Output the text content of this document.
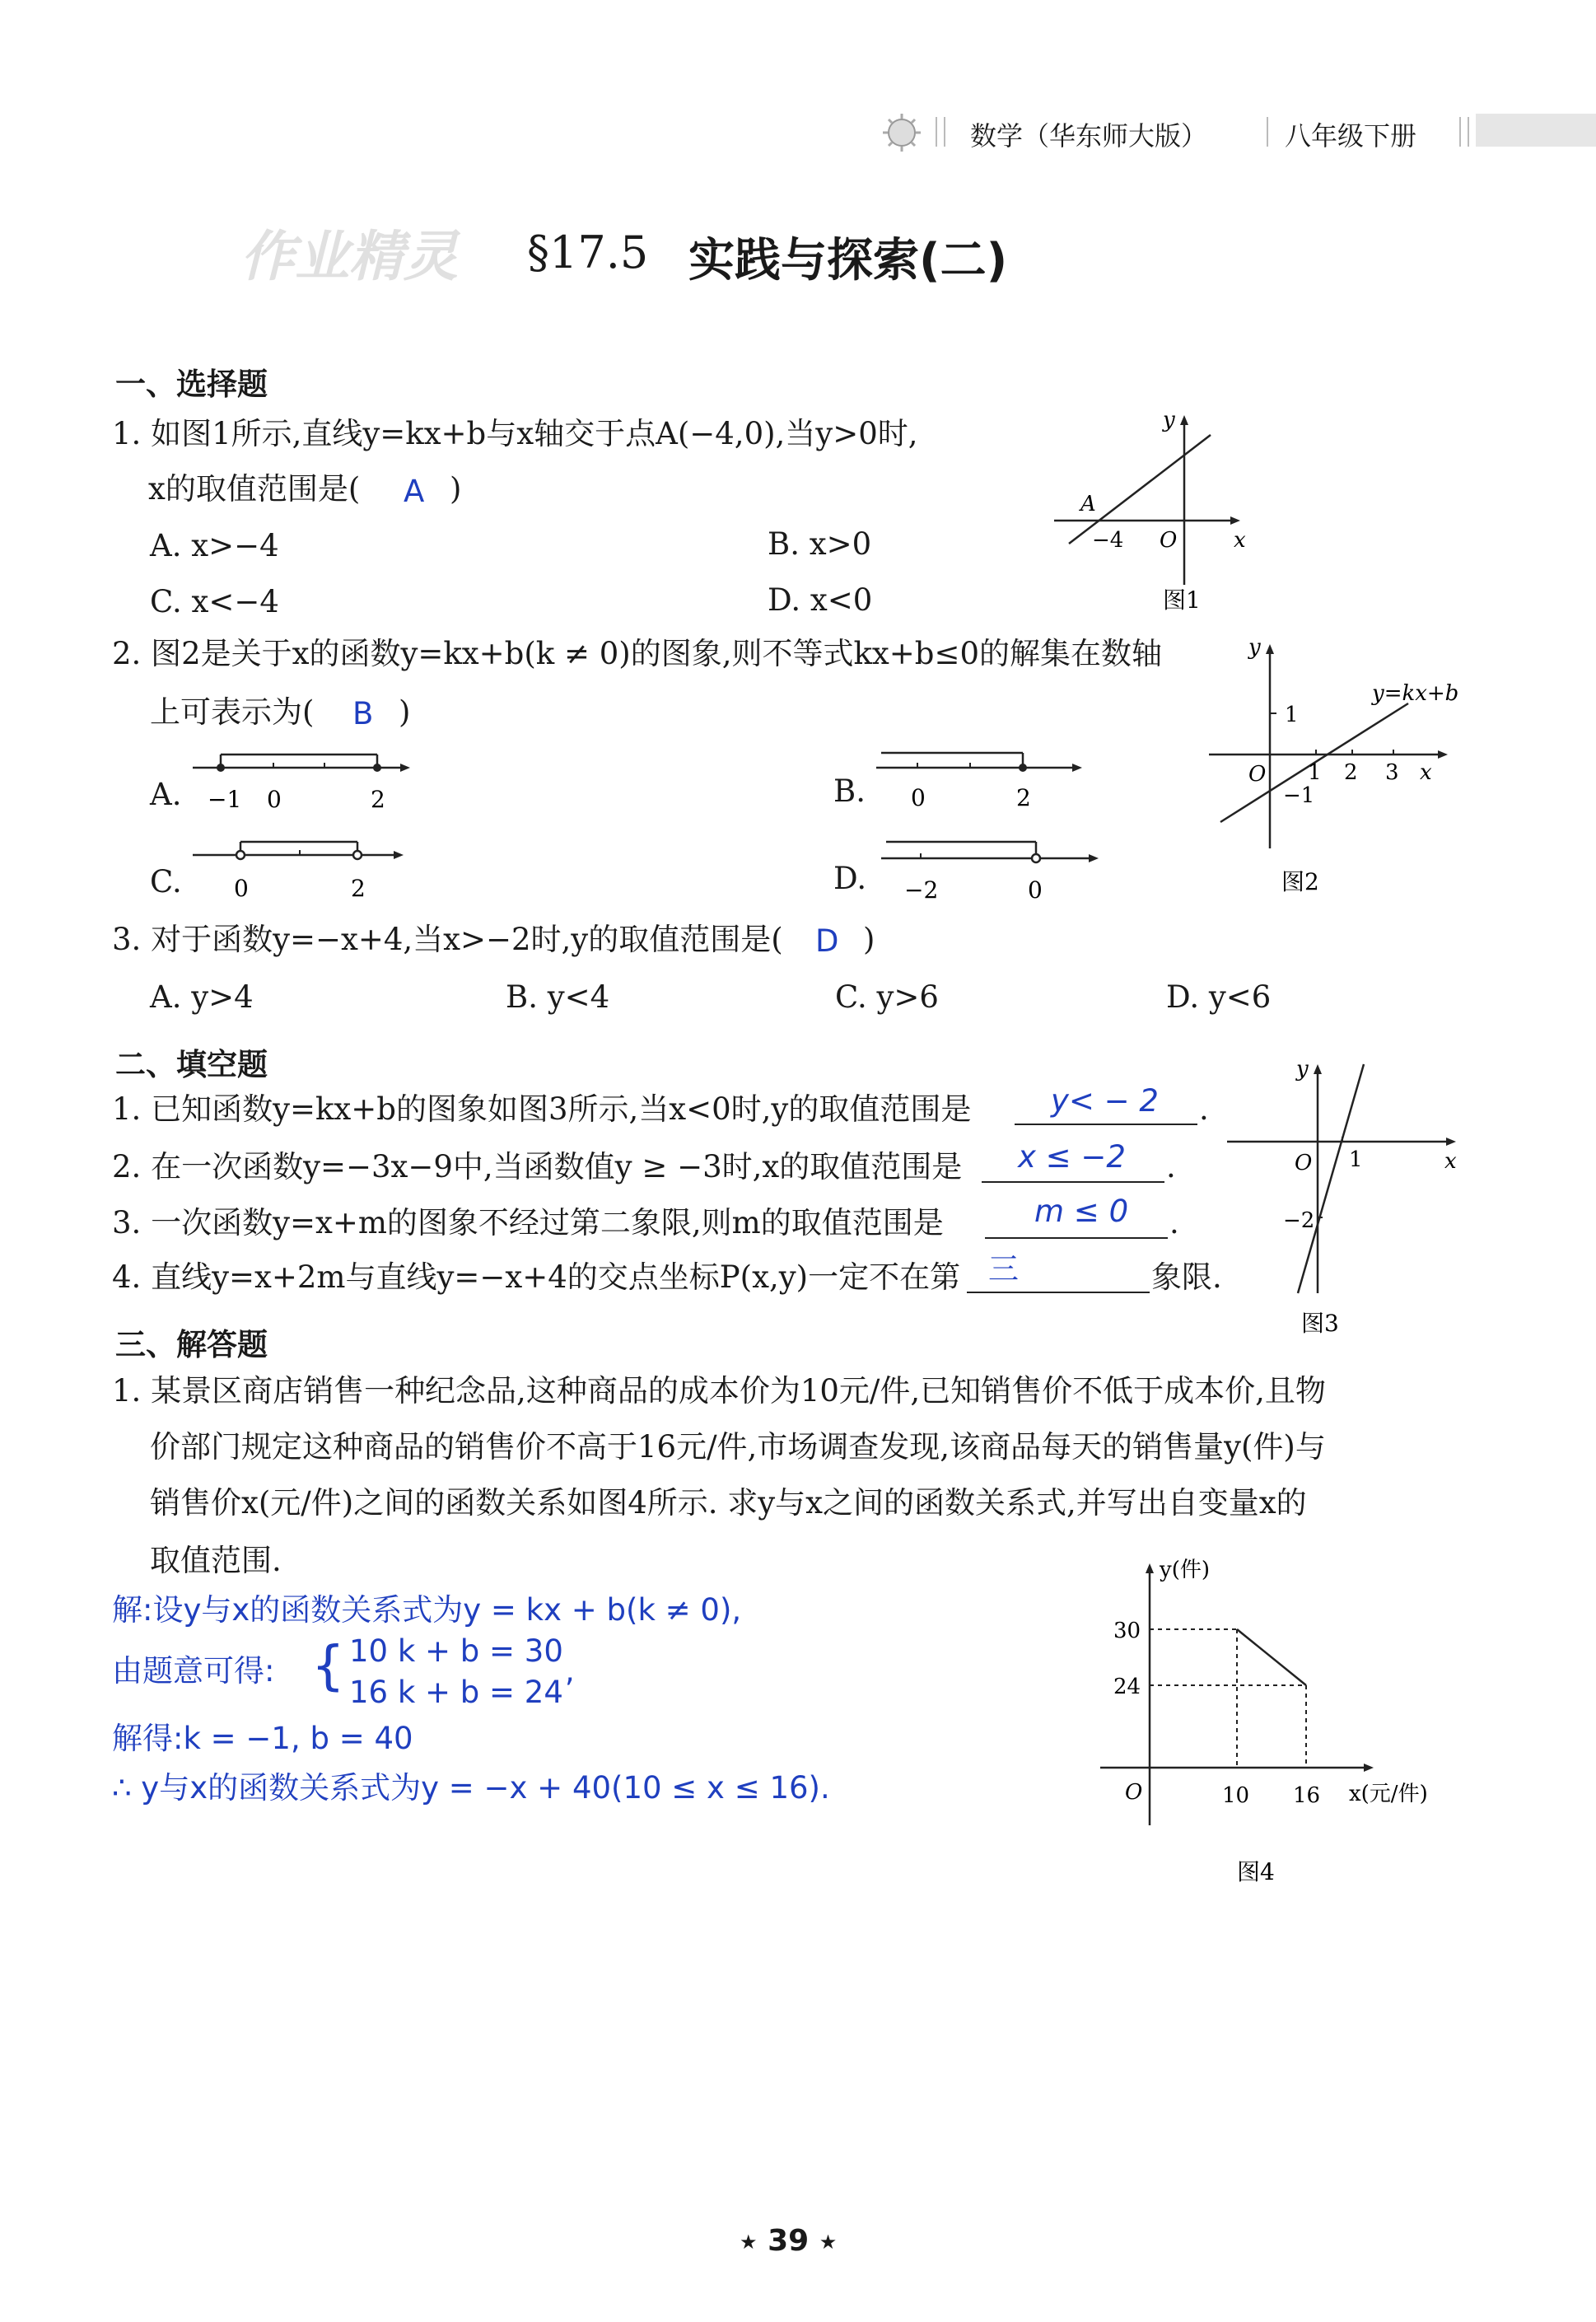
数学（华东师大版）	八年级下册
作业精灵 §17.5 实践与探索(二)
一、选择题
1. 如图1所示,直线y=kx+b与x轴交于点A(−4,0),当y>0时,
x的取值范围是( A )
A. x>−4	B. x>0
C. x<−4	D. x<0
y
x
A
−4 O
图1
2. 图2是关于x的函数y=kx+b(k ≠ 0)的图象,则不等式kx+b≤0的解集在数轴
上可表示为( B )
A.	B.
C.	D.
−1 0	2	0	2
0	2	−2	0
y
1
y=kx+b
O 1 2 3 x
−1
图2
3. 对于函数y=−x+4,当x>−2时,y的取值范围是( D )
A. y>4	B. y<4	C. y>6	D. y<6
二、填空题
1. 已知函数y=kx+b的图象如图3所示,当x<0时,y的取值范围是	y< − 2 .
2. 在一次函数y=−3x−9中,当函数值y ≥ −3时,x的取值范围是 x ≤ −2 .
3. 一次函数y=x+m的图象不经过第二象限,则m的取值范围是	m ≤ 0 .
4. 直线y=x+2m与直线y=−x+4的交点坐标P(x,y)一定不在第 三	象限.
y
O 1	x
−2
图3
三、解答题
1. 某景区商店销售一种纪念品,这种商品的成本价为10元/件,已知销售价不低于成本价,且物
价部门规定这种商品的销售价不高于16元/件,市场调查发现,该商品每天的销售量y(件)与
销售价x(元/件)之间的函数关系如图4所示. 求y与x之间的函数关系式,并写出自变量x的
取值范围.
解:设y与x的函数关系式为y = kx + b(k ≠ 0),
由题意可得: { 10 k + b = 30
16 k + b = 24
,
解得:k = −1, b = 40
∴ y与x的函数关系式为y = −x + 40(10 ≤ x ≤ 16).
y(件)
30
24
O	10 16 x(元/件)
图4
★ 39 ★
